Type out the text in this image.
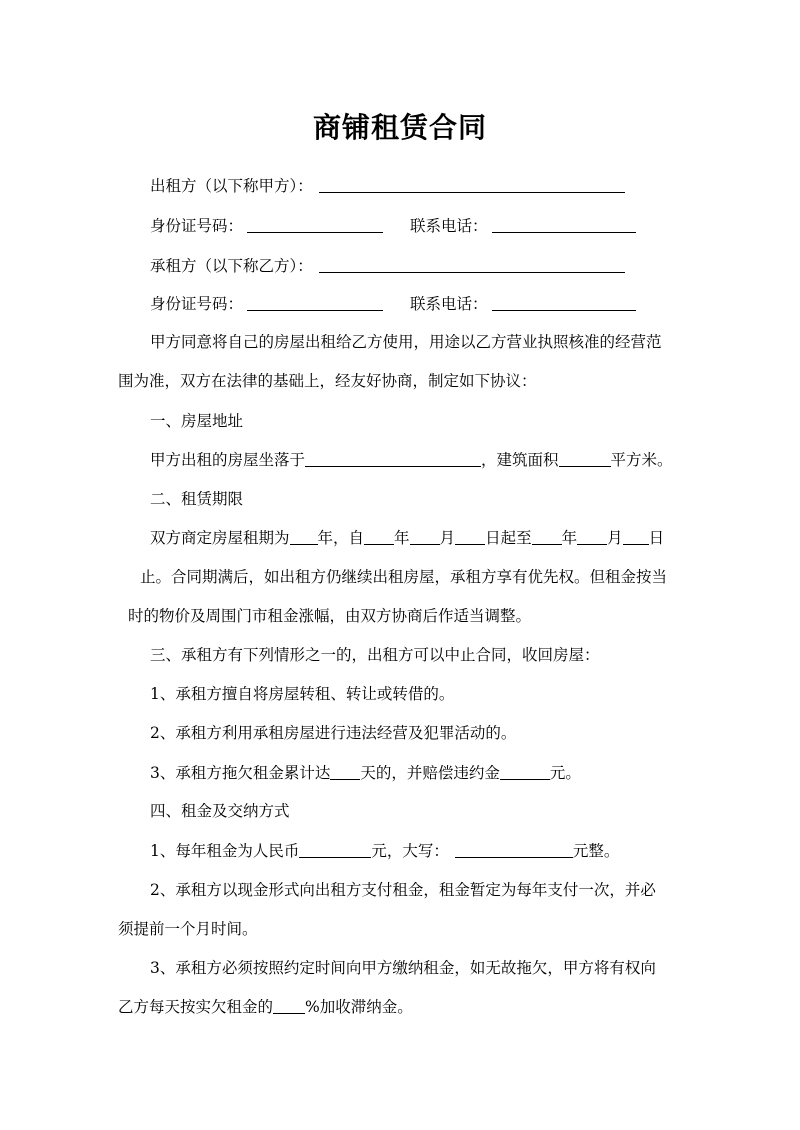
商铺租赁合同
出租方（以下称甲方）：
身份证号码：	联系电话：
承租方（以下称乙方）：
身份证号码：	联系电话：
甲方同意将自己的房屋出租给乙方使用，用途以乙方营业执照核准的经营范
围为准，双方在法律的基础上，经友好协商，制定如下协议：
一、房屋地址
甲方出租的房屋坐落于	，建筑面积	平方米。
二、租赁期限
双方商定房屋租期为 年，自 年 月 日起至 年 月 日
止。合同期满后，如出租方仍继续出租房屋，承租方享有优先权。但租金按当
时的物价及周围门市租金涨幅，由双方协商后作适当调整。
三、承租方有下列情形之一的，出租方可以中止合同，收回房屋：
1、承租方擅自将房屋转租、转让或转借的。
2、承租方利用承租房屋进行违法经营及犯罪活动的。
3、承租方拖欠租金累计达 天的，并赔偿违约金	元。
四、租金及交纳方式
1、每年租金为人民币	元，大写：	元整。
2、承租方以现金形式向出租方支付租金，租金暂定为每年支付一次，并必
须提前一个月时间。
3、承租方必须按照约定时间向甲方缴纳租金，如无故拖欠，甲方将有权向
乙方每天按实欠租金的 %加收滞纳金。
